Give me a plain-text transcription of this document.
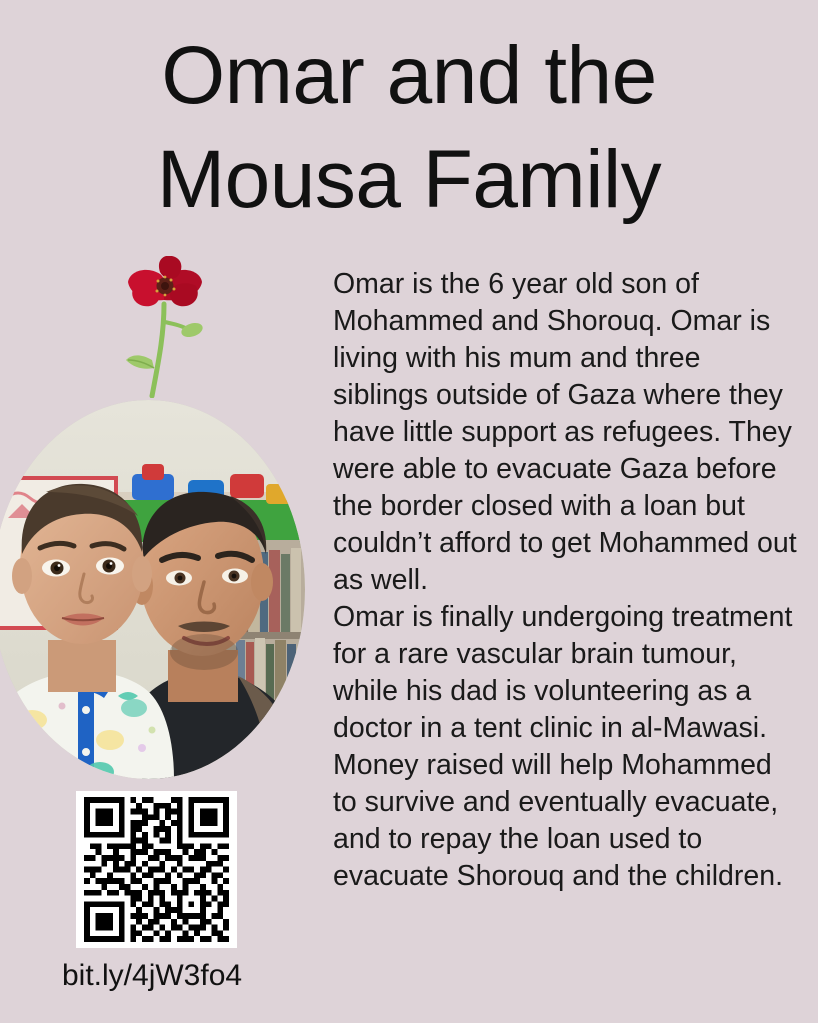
Omar and the
Mousa Family
bit.ly/4jW3fo4

Omar is the 6 year old son of Mohammed and Shorouq. Omar is living with his mum and three siblings outside of Gaza where they have little support as refugees. They were able to evacuate Gaza before the border closed with a loan but couldn’t afford to get Mohammed out as well.

Omar is finally undergoing treatment for a rare vascular brain tumour, while his dad is volunteering as a doctor in a tent clinic in al-Mawasi. Money raised will help Mohammed to survive and eventually evacuate, and to repay the loan used to evacuate Shorouq and the children.
